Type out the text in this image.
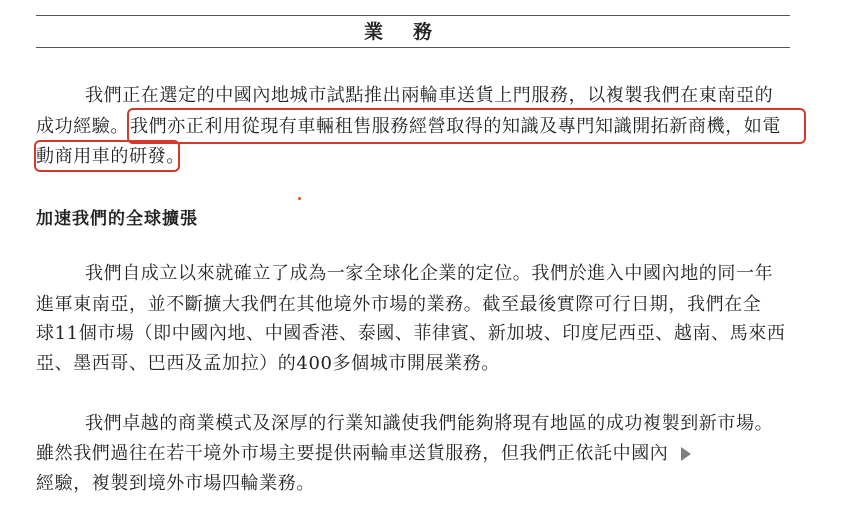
業務
我們正在選定的中國內地城市試點推出兩輪車送貨上門服務，以複製我們在東南亞的
成功經驗。 我們亦正利用從現有車輛租售服務經營取得的知識及專門知識開拓新商機，如電
動商用車的研發。
加速我們的全球擴張
我們自成立以來就確立了成為一家全球化企業的定位。我們於進入中國內地的同一年
進軍東南亞，並不斷擴大我們在其他境外市場的業務。截至最後實際可行日期，我們在全
球11個市場（即中國內地、中國香港、泰國、菲律賓、新加坡、印度尼西亞、越南、馬來西
亞、墨西哥、巴西及孟加拉）的400多個城市開展業務。
我們卓越的商業模式及深厚的行業知識使我們能夠將現有地區的成功複製到新市場。
雖然我們過往在若干境外市場主要提供兩輪車送貨服務，但我們正依託中國內
經驗，複製到境外市場四輪業務。
